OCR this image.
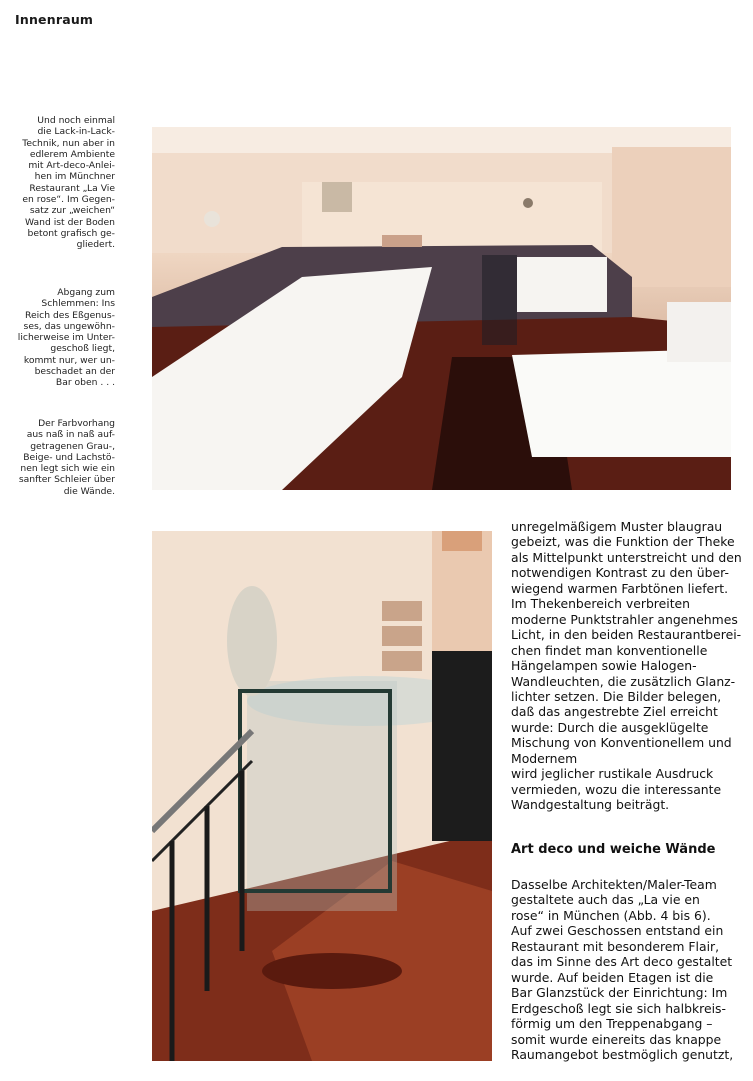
Innenraum
Und noch einmal
die Lack-in-Lack-
Technik, nun aber in
edlerem Ambiente
mit Art-deco-Anlei-
hen im Münchner
Restaurant „La Vie
en rose“. Im Gegen-
satz zur „weichen“
Wand ist der Boden
betont grafisch ge-
gliedert.
Abgang zum
Schlemmen: Ins
Reich des Eßgenus-
ses, das ungewöhn-
licherweise im Unter-
geschoß liegt,
kommt nur, wer un-
beschadet an der
Bar oben . . .
Der Farbvorhang
aus naß in naß auf-
getragenen Grau-,
Beige- und Lachstö-
nen legt sich wie ein
sanfter Schleier über
die Wände.
unregelmäßigem Muster blaugrau
gebeizt, was die Funktion der Theke
als Mittelpunkt unterstreicht und den
notwendigen Kontrast zu den über-
wiegend warmen Farbtönen liefert.
Im Thekenbereich verbreiten
moderne Punktstrahler angenehmes
Licht, in den beiden Restaurantberei-
chen findet man konventionelle
Hängelampen sowie Halogen-
Wandleuchten, die zusätzlich Glanz-
lichter setzen. Die Bilder belegen,
daß das angestrebte Ziel erreicht
wurde: Durch die ausgeklügelte
Mischung von Konventionellem und
Modernem
wird jeglicher rustikale Ausdruck
vermieden, wozu die interessante
Wandgestaltung beiträgt.
Art deco und weiche Wände
Dasselbe Architekten/Maler-Team
gestaltete auch das „La vie en
rose“ in München (Abb. 4 bis 6).
Auf zwei Geschossen entstand ein
Restaurant mit besonderem Flair,
das im Sinne des Art deco gestaltet
wurde. Auf beiden Etagen ist die
Bar Glanzstück der Einrichtung: Im
Erdgeschoß legt sie sich halbkreis-
förmig um den Treppenabgang –
somit wurde einereits das knappe
Raumangebot bestmöglich genutzt,
